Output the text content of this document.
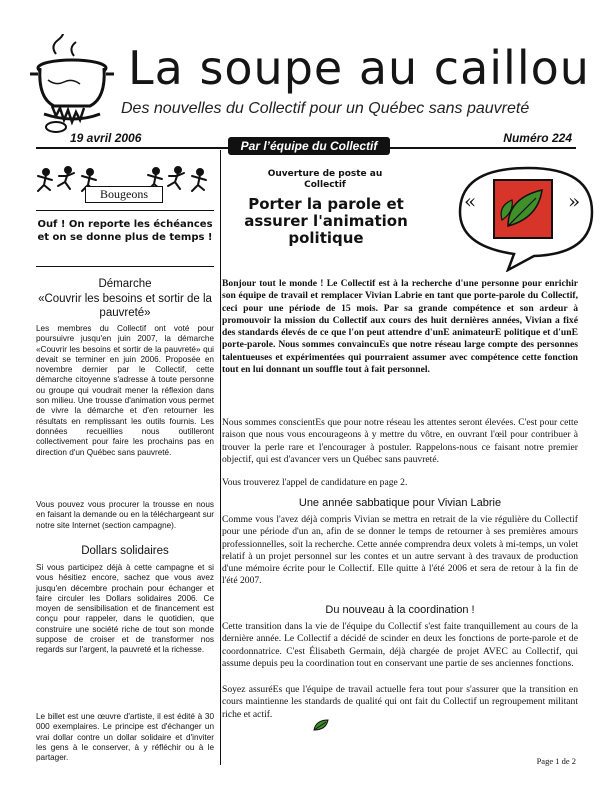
La soupe au caillou
Des nouvelles du Collectif pour un Québec sans pauvreté
19 avril 2006	Numéro 224
Par l’équipe du Collectif
Bougeons
Ouf ! On reporte les échéances et on se donne plus de temps !
Démarche
«Couvrir les besoins et sortir de la pauvreté»

Les membres du Collectif ont voté pour poursuivre jusqu'en juin 2007, la démarche «Couvrir les besoins et sortir de la pauvreté» qui devait se terminer en juin 2006. Proposée en novembre dernier par le Collectif, cette démarche citoyenne s'adresse à toute personne ou groupe qui voudrait mener la réflexion dans son milieu. Une trousse d'animation vous permet de vivre la démarche et d'en retourner les résultats en remplissant les outils fournis. Les données recueillies nous outilleront collectivement pour faire les prochains pas en direction d'un Québec sans pauvreté.

Vous pouvez vous procurer la trousse en nous en faisant la demande ou en la téléchargeant sur notre site Internet (section campagne).

Dollars solidaires

Si vous participez déjà à cette campagne et si vous hésitiez encore, sachez que vous avez jusqu'en décembre prochain pour échanger et faire circuler les Dollars solidaires 2006. Ce moyen de sensibilisation et de financement est conçu pour rappeler, dans le quotidien, que construire une société riche de tout son monde suppose de croiser et de transformer nos regards sur l'argent, la pauvreté et la richesse.

Le billet est une œuvre d'artiste, il est édité à 30 000 exemplaires. Le principe est d'échanger un vrai dollar contre un dollar solidaire et d'inviter les gens à le conserver, à y réfléchir ou à le partager.

Ouverture de poste au Collectif
Porter la parole et assurer l'animation politique
«	»

Bonjour tout le monde ! Le Collectif est à la recherche d'une personne pour enrichir son équipe de travail et remplacer Vivian Labrie en tant que porte-parole du Collectif, ceci pour une période de 15 mois. Par sa grande compétence et son ardeur à promouvoir la mission du Collectif aux cours des huit dernières années, Vivian a fixé des standards élevés de ce que l'on peut attendre d'unE animateurE politique et d'unE porte-parole. Nous sommes convaincuEs que notre réseau large compte des personnes talentueuses et expérimentées qui pourraient assumer avec compétence cette fonction tout en lui donnant un souffle tout à fait personnel.

Nous sommes conscientEs que pour notre réseau les attentes seront élevées. C'est pour cette raison que nous vous encourageons à y mettre du vôtre, en ouvrant l'œil pour contribuer à trouver la perle rare et l'encourager à postuler. Rappelons-nous ce faisant notre premier objectif, qui est d'avancer vers un Québec sans pauvreté.

Vous trouverez l'appel de candidature en page 2.

Une année sabbatique pour Vivian Labrie

Comme vous l'avez déjà compris Vivian se mettra en retrait de la vie régulière du Collectif pour une période d'un an, afin de se donner le temps de retourner à ses premières amours professionnelles, soit la recherche. Cette année comprendra deux volets à mi-temps, un volet relatif à un projet personnel sur les contes et un autre servant à des travaux de production d'une mémoire écrite pour le Collectif. Elle quitte à l'été 2006 et sera de retour à la fin de l'été 2007.

Du nouveau à la coordination !

Cette transition dans la vie de l'équipe du Collectif s'est faite tranquillement au cours de la dernière année. Le Collectif a décidé de scinder en deux les fonctions de porte-parole et de coordonnatrice. C'est Élisabeth Germain, déjà chargée de projet AVEC au Collectif, qui assume depuis peu la coordination tout en conservant une partie de ses anciennes fonctions.

Soyez assuréEs que l'équipe de travail actuelle fera tout pour s'assurer que la transition en cours maintienne les standards de qualité qui ont fait du Collectif un regroupement militant riche et actif.

Page 1 de 2
